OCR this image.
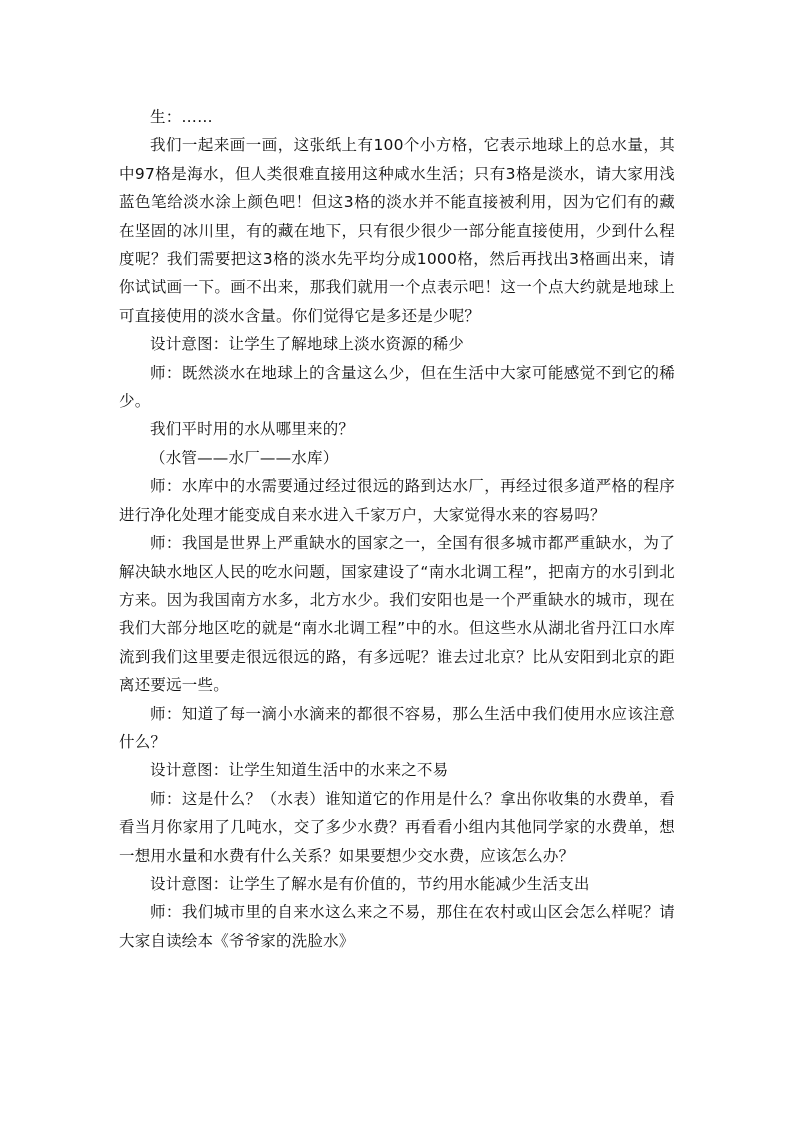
生：……

我们一起来画一画，这张纸上有100个小方格，它表示地球上的总水量，其中97格是海水，但人类很难直接用这种咸水生活；只有3格是淡水，请大家用浅蓝色笔给淡水涂上颜色吧！但这3格的淡水并不能直接被利用，因为它们有的藏在坚固的冰川里，有的藏在地下，只有很少很少一部分能直接使用，少到什么程度呢？我们需要把这3格的淡水先平均分成1000格，然后再找出3格画出来，请你试试画一下。画不出来，那我们就用一个点表示吧！这一个点大约就是地球上可直接使用的淡水含量。你们觉得它是多还是少呢？

设计意图：让学生了解地球上淡水资源的稀少

师：既然淡水在地球上的含量这么少，但在生活中大家可能感觉不到它的稀少。

我们平时用的水从哪里来的？

（水管——水厂——水库）

师：水库中的水需要通过经过很远的路到达水厂，再经过很多道严格的程序进行净化处理才能变成自来水进入千家万户，大家觉得水来的容易吗？

师：我国是世界上严重缺水的国家之一，全国有很多城市都严重缺水，为了解决缺水地区人民的吃水问题，国家建设了“南水北调工程”，把南方的水引到北方来。因为我国南方水多，北方水少。我们安阳也是一个严重缺水的城市，现在我们大部分地区吃的就是“南水北调工程”中的水。但这些水从湖北省丹江口水库流到我们这里要走很远很远的路，有多远呢？谁去过北京？比从安阳到北京的距离还要远一些。

师：知道了每一滴小水滴来的都很不容易，那么生活中我们使用水应该注意什么？

设计意图：让学生知道生活中的水来之不易

师：这是什么？（水表）谁知道它的作用是什么？拿出你收集的水费单，看看当月你家用了几吨水，交了多少水费？再看看小组内其他同学家的水费单，想一想用水量和水费有什么关系？如果要想少交水费，应该怎么办？

设计意图：让学生了解水是有价值的，节约用水能减少生活支出

师：我们城市里的自来水这么来之不易，那住在农村或山区会怎么样呢？请大家自读绘本《爷爷家的洗脸水》
